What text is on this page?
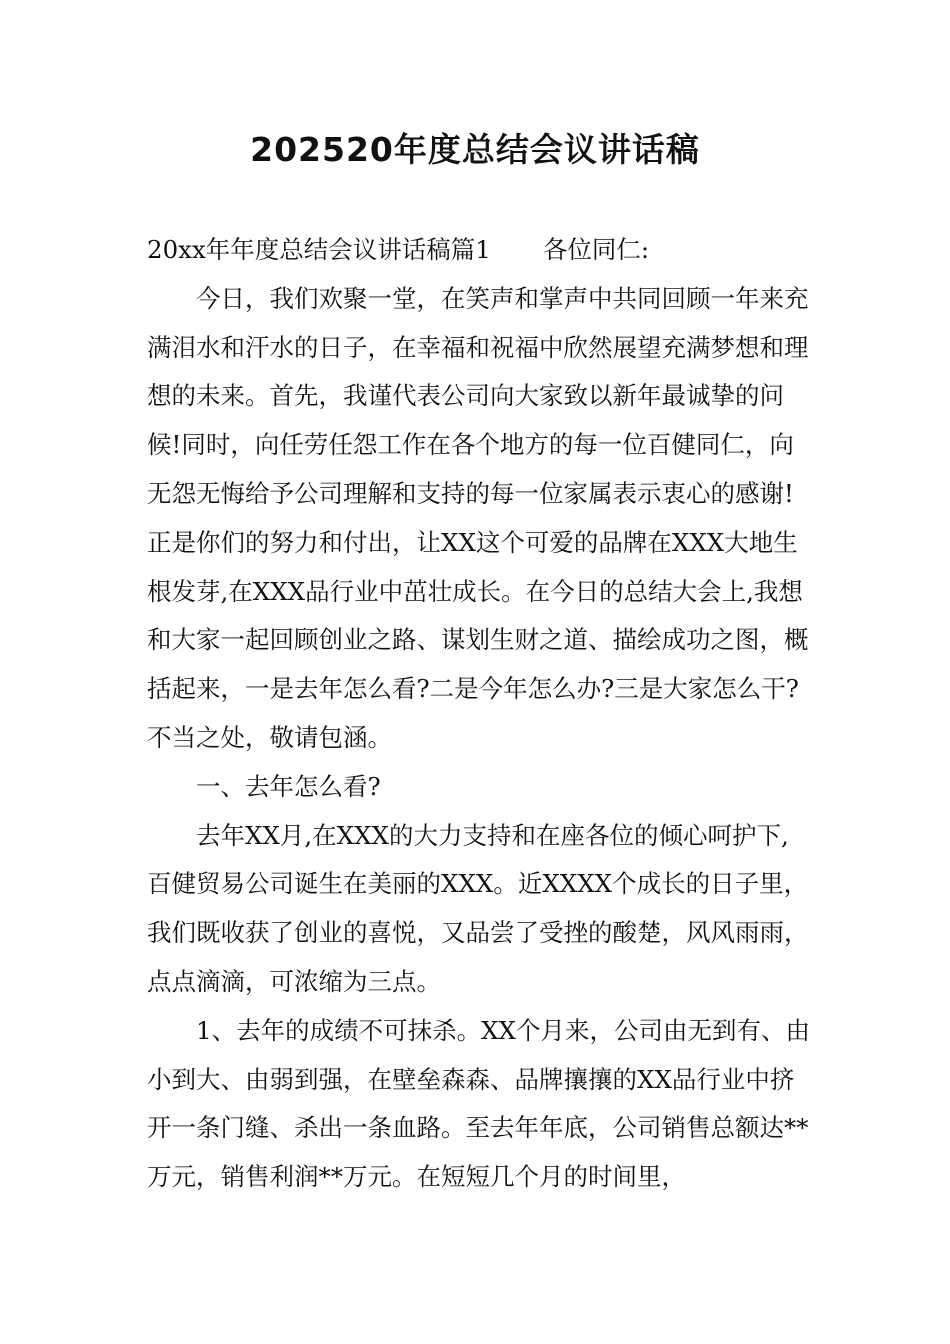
202520年度总结会议讲话稿

20xx年年度总结会议讲话稿篇1 各位同仁:

今日，我们欢聚一堂，在笑声和掌声中共同回顾一年来充满泪水和汗水的日子，在幸福和祝福中欣然展望充满梦想和理想的未来。首先，我谨代表公司向大家致以新年最诚挚的问候!同时，向任劳任怨工作在各个地方的每一位百健同仁，向无怨无悔给予公司理解和支持的每一位家属表示衷心的感谢!正是你们的努力和付出，让XX这个可爱的品牌在XXX大地生根发芽,在XXX品行业中茁壮成长。在今日的总结大会上,我想和大家一起回顾创业之路、谋划生财之道、描绘成功之图，概括起来，一是去年怎么看?二是今年怎么办?三是大家怎么干?不当之处，敬请包涵。

一、去年怎么看?

去年XX月,在XXX的大力支持和在座各位的倾心呵护下,百健贸易公司诞生在美丽的XXX。近XXXX个成长的日子里，我们既收获了创业的喜悦，又品尝了受挫的酸楚，风风雨雨，点点滴滴，可浓缩为三点。

1、去年的成绩不可抹杀。XX个月来，公司由无到有、由小到大、由弱到强，在壁垒森森、品牌攘攘的XX品行业中挤开一条门缝、杀出一条血路。至去年年底，公司销售总额达**万元，销售利润**万元。在短短几个月的时间里，
